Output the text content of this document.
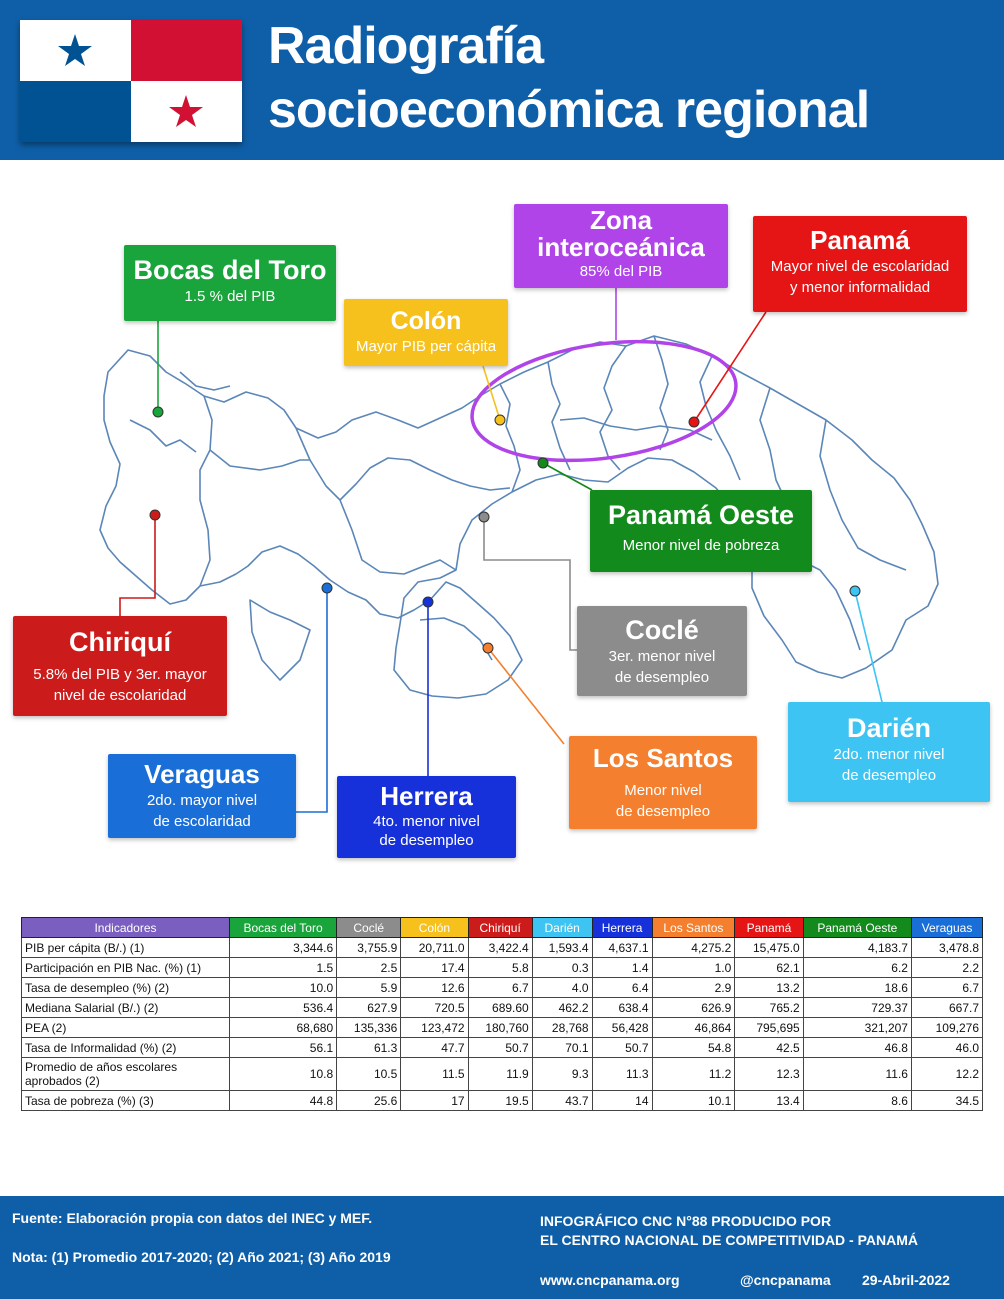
Radiografía
socioeconómica regional
Bocas del Toro
1.5 % del PIB
Colón
Mayor PIB per cápita
Zona
interoceánica
85% del PIB
Panamá
Mayor nivel de escolaridad
y menor informalidad
Panamá Oeste
Menor nivel de pobreza
Chiriquí
5.8% del PIB y 3er. mayor
nivel de escolaridad
Coclé
3er. menor nivel
de desempleo
Darién
2do. menor nivel
de desempleo
Veraguas
2do. mayor nivel
de escolaridad
Herrera
4to. menor nivel
de desempleo
Los Santos
Menor nivel
de desempleo
Indicadores	Bocas del Toro	Coclé	Colón	Chiriquí	Darién	Herrera	Los Santos	Panamá	Panamá Oeste	Veraguas
PIB per cápita (B/.) (1)	3,344.6	3,755.9	20,711.0	3,422.4	1,593.4	4,637.1	4,275.2	15,475.0	4,183.7	3,478.8
Participación en PIB Nac. (%) (1)	1.5	2.5	17.4	5.8	0.3	1.4	1.0	62.1	6.2	2.2
Tasa de desempleo (%) (2)	10.0	5.9	12.6	6.7	4.0	6.4	2.9	13.2	18.6	6.7
Mediana Salarial (B/.) (2)	536.4	627.9	720.5	689.60	462.2	638.4	626.9	765.2	729.37	667.7
PEA (2)	68,680	135,336	123,472	180,760	28,768	56,428	46,864	795,695	321,207	109,276
Tasa de Informalidad (%) (2)	56.1	61.3	47.7	50.7	70.1	50.7	54.8	42.5	46.8	46.0
Promedio de años escolares aprobados (2)	10.8	10.5	11.5	11.9	9.3	11.3	11.2	12.3	11.6	12.2
Tasa de pobreza (%) (3)	44.8	25.6	17	19.5	43.7	14	10.1	13.4	8.6	34.5
Fuente: Elaboración propia con datos del INEC y MEF.
Nota: (1) Promedio 2017-2020; (2) Año 2021; (3) Año 2019
INFOGRÁFICO CNC N°88 PRODUCIDO POR
EL CENTRO NACIONAL DE COMPETITIVIDAD - PANAMÁ
www.cncpanama.org	@cncpanama 29-Abril-2022
